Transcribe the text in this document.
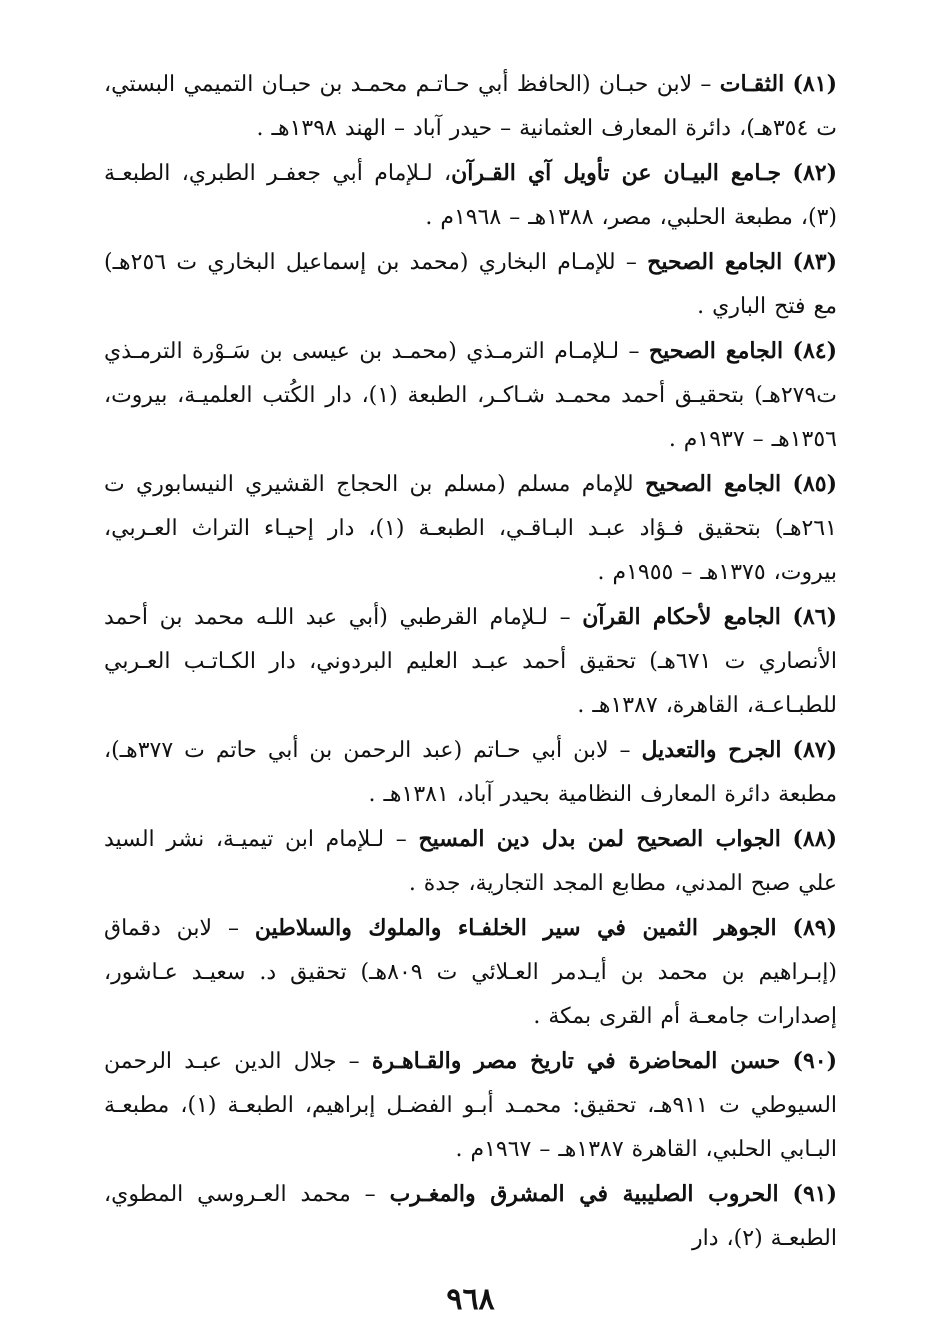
(٨١) الثقـات – لابن حبـان (الحافظ أبي حـاتـم محمـد بن حبـان التميمي البستي، ت ٣٥٤هـ)، دائرة المعارف العثمانية – حيدر آباد – الهند ١٣٩٨هـ .
(٨٢) جـامع البيـان عن تأويل آي القـرآن، لـلإمام أبي جعفـر الطبري، الطبعـة (٣)، مطبعة الحلبي، مصر، ١٣٨٨هـ – ١٩٦٨م .
(٨٣) الجامع الصحيح – للإمـام البخاري (محمد بن إسماعيل البخاري ت ٢٥٦هـ) مع فتح الباري .
(٨٤) الجامع الصحيح – لـلإمـام الترمـذي (محمـد بن عيسى بن سَـوْرة الترمـذي ت٢٧٩هـ) بتحقيـق أحمد محمـد شـاكـر، الطبعة (١)، دار الكُتب العلميـة، بيروت، ١٣٥٦هـ – ١٩٣٧م .
(٨٥) الجامع الصحيح للإمام مسلم (مسلم بن الحجاج القشيري النيسابوري ت ٢٦١هـ) بتحقيق فـؤاد عبـد البـاقـي، الطبعـة (١)، دار إحيـاء التراث العـربي، بيروت، ١٣٧٥هـ – ١٩٥٥م .
(٨٦) الجامع لأحكام القرآن – لـلإمام القرطبي (أبي عبد اللـه محمد بن أحمد الأنصاري ت ٦٧١هـ) تحقيق أحمد عبـد العليم البردوني، دار الكـاتـب العـربي للطبـاعـة، القاهرة، ١٣٨٧هـ .
(٨٧) الجرح والتعديل – لابن أبي حـاتم (عبد الرحمن بن أبي حاتم ت ٣٧٧هـ)، مطبعة دائرة المعارف النظامية بحيدر آباد، ١٣٨١هـ .
(٨٨) الجواب الصحيح لمن بدل دين المسيح – لـلإمام ابن تيميـة، نشر السيد علي صبح المدني، مطابع المجد التجارية، جدة .
(٨٩) الجوهر الثمين في سير الخلفـاء والملوك والسلاطين – لابن دقماق (إبـراهيم بن محمد بن أيـدمر العـلائي ت ٨٠٩هـ) تحقيق د. سعيـد عـاشور، إصدارات جامعـة أم القرى بمكة .
(٩٠) حسن المحاضرة في تاريخ مصر والقـاهـرة – جلال الدين عبـد الرحمن السيوطي ت ٩١١هـ، تحقيق: محمـد أبـو الفضـل إبراهيم، الطبعـة (١)، مطبعـة البـابي الحلبي، القاهرة ١٣٨٧هـ – ١٩٦٧م .
(٩١) الحروب الصليبية في المشرق والمغـرب – محمد العـروسي المطوي، الطبعـة (٢)، دار
٩٦٨
